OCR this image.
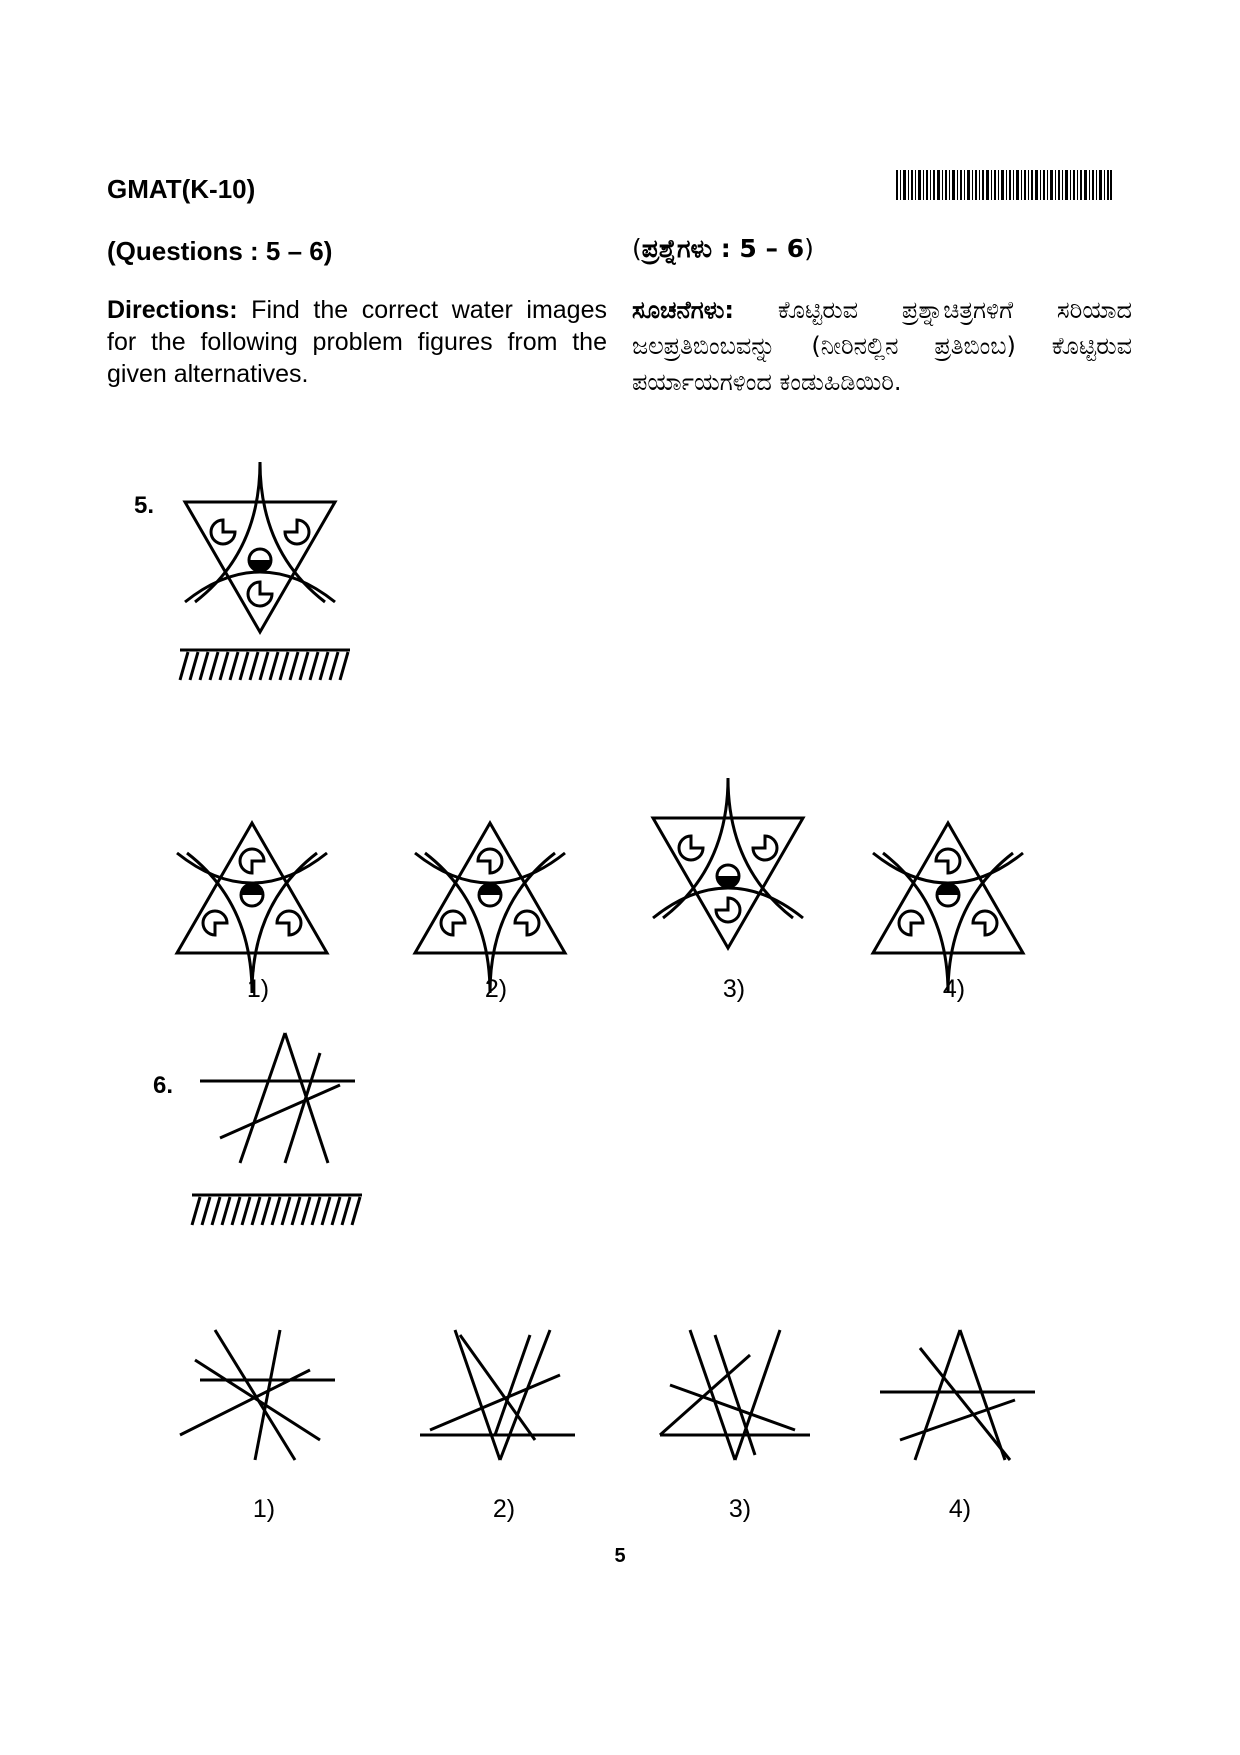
GMAT(K-10)
(Questions : 5 – 6)	(ಪ್ರಶ್ನೆಗಳು : 5 – 6)
Directions: Find the correct water images for the following problem figures from the given alternatives.
ಸೂಚನೆಗಳು: ಕೊಟ್ಟಿರುವ ಪ್ರಶ್ನಾಚಿತ್ರಗಳಿಗೆ ಸರಿಯಾದ ಜಲಪ್ರತಿಬಿಂಬವನ್ನು (ನೀರಿನಲ್ಲಿನ ಪ್ರತಿಬಿಂಬ) ಕೊಟ್ಟಿರುವ ಪರ್ಯಾಯಗಳಿಂದ ಕಂಡುಹಿಡಿಯಿರಿ.
5.
1)	2)	3)	4)
6.
1)	2)	3)	4)
5
